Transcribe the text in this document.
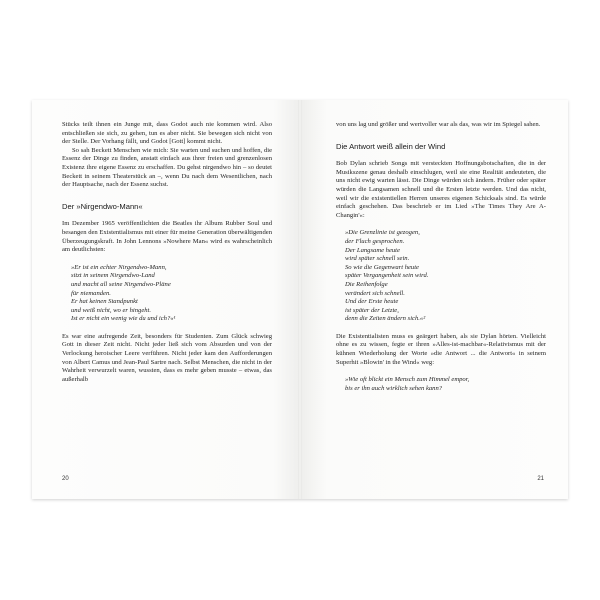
Stücks teilt ihnen ein Junge mit, dass Godot auch nie kommen wird. Also entschließen sie sich, zu gehen, tun es aber nicht. Sie bewegen sich nicht von der Stelle. Der Vorhang fällt, und Godot [Gott] kommt nicht.

So sah Beckett Menschen wie mich: Sie warten und suchen und hoffen, die Essenz der Dinge zu finden, anstatt einfach aus ihrer freien und grenzenlosen Existenz ihre eigene Essenz zu erschaffen. Du gehst nirgendwo hin – so deutet Beckett in seinem Theaterstück an –, wenn Du nach dem Wesentlichen, nach der Hauptsache, nach der Essenz suchst.

Der »Nirgendwo-Mann«

Im Dezember 1965 veröffentlichten die Beatles ihr Album Rubber Soul und besangen den Existentialismus mit einer für meine Generation überwältigenden Überzeugungskraft. In John Lennons »Nowhere Man« wird es wahrscheinlich am deutlichsten:

»Er ist ein echter Nirgendwo-Mann,
sitzt in seinem Nirgendwo-Land
und macht all seine Nirgendwo-Pläne
für niemanden.
Er hat keinen Standpunkt
und weiß nicht, wo er hingeht.
Ist er nicht ein wenig wie du und ich?«¹

Es war eine aufregende Zeit, besonders für Studenten. Zum Glück schwieg Gott in dieser Zeit nicht. Nicht jeder ließ sich vom Absurden und von der Verlockung heroischer Leere verführen. Nicht jeder kam den Aufforderungen von Albert Camus und Jean-Paul Sartre nach. Selbst Menschen, die nicht in der Wahrheit verwurzelt waren, wussten, dass es mehr geben musste – etwas, das außerhalb

20

von uns lag und größer und wertvoller war als das, was wir im Spiegel sahen.

Die Antwort weiß allein der Wind

Bob Dylan schrieb Songs mit versteckten Hoffnungsbotschaften, die in der Musikszene genau deshalb einschlugen, weil sie eine Realität andeuteten, die uns nicht ewig warten lässt. Die Dinge würden sich ändern. Früher oder später würden die Langsamen schnell und die Ersten letzte werden. Und das nicht, weil wir die existentiellen Herren unseres eigenen Schicksals sind. Es würde einfach geschehen. Das beschrieb er im Lied »The Times They Are A-Changin'«:

»Die Grenzlinie ist gezogen,
der Fluch gesprochen.
Der Langsame heute
wird später schnell sein.
So wie die Gegenwart heute
später Vergangenheit sein wird.
Die Reihenfolge
verändert sich schnell.
Und der Erste heute
ist später der Letzte,
denn die Zeiten ändern sich.«²

Die Existentialisten muss es geärgert haben, als sie Dylan hörten. Vielleicht ohne es zu wissen, fegte er ihren »Alles-ist-machbar«-Relativismus mit der kühnen Wiederholung der Worte »die Antwort ... die Antwort« in seinem Superhit »Blowin' in the Wind« weg:

»Wie oft blickt ein Mensch zum Himmel empor,
bis er ihn auch wirklich sehen kann?
21
